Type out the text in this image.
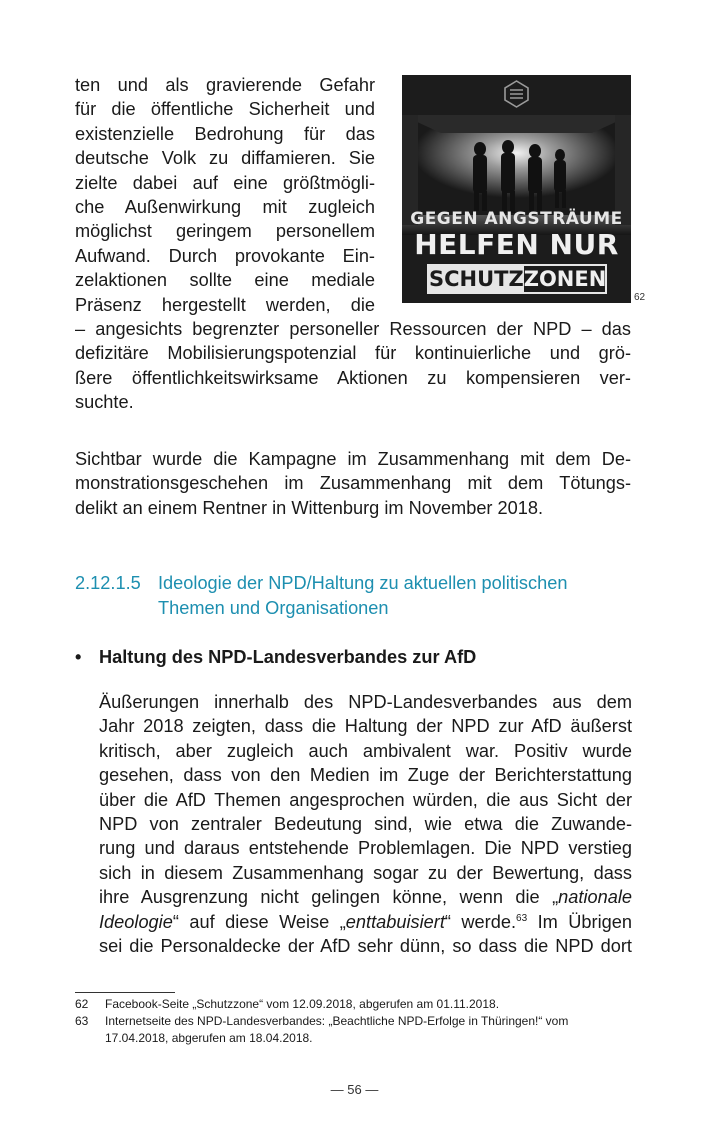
ten und als gravierende Gefahr
für die öffentliche Sicherheit und
existenzielle Bedrohung für das
deutsche Volk zu diffamieren. Sie
zielte dabei auf eine größtmögli-
che Außenwirkung mit zugleich
möglichst geringem personellem
Aufwand. Durch provokante Ein-
zelaktionen sollte eine mediale
Präsenz hergestellt werden, die
GEGEN ANGSTRÄUME
HELFEN NUR
SCHUTZ ZONEN
62
– angesichts begrenzter personeller Ressourcen der NPD – das
defizitäre Mobilisierungspotenzial für kontinuierliche und grö-
ßere öffentlichkeitswirksame Aktionen zu kompensieren ver-
suchte.
Sichtbar wurde die Kampagne im Zusammenhang mit dem De-
monstrationsgeschehen im Zusammenhang mit dem Tötungs-
delikt an einem Rentner in Wittenburg im November 2018.
2.12.1.5 Ideologie der NPD/Haltung zu aktuellen politischen
Themen und Organisationen
• Haltung des NPD-Landesverbandes zur AfD
Äußerungen innerhalb des NPD-Landesverbandes aus dem
Jahr 2018 zeigten, dass die Haltung der NPD zur AfD äußerst
kritisch, aber zugleich auch ambivalent war. Positiv wurde
gesehen, dass von den Medien im Zuge der Berichterstattung
über die AfD Themen angesprochen würden, die aus Sicht der
NPD von zentraler Bedeutung sind, wie etwa die Zuwande-
rung und daraus entstehende Problemlagen. Die NPD verstieg
sich in diesem Zusammenhang sogar zu der Bewertung, dass
ihre Ausgrenzung nicht gelingen könne, wenn die „nationale
Ideologie“ auf diese Weise „enttabuisiert“ werde.$^{63}$ Im Übrigen
sei die Personaldecke der AfD sehr dünn, so dass die NPD dort
62 Facebook-Seite „Schutzzone“ vom 12.09.2018, abgerufen am 01.11.2018.
63 Internetseite des NPD-Landesverbandes: „Beachtliche NPD-Erfolge in Thüringen!“ vom 17.04.2018, abgerufen am 18.04.2018.
— 56 —
